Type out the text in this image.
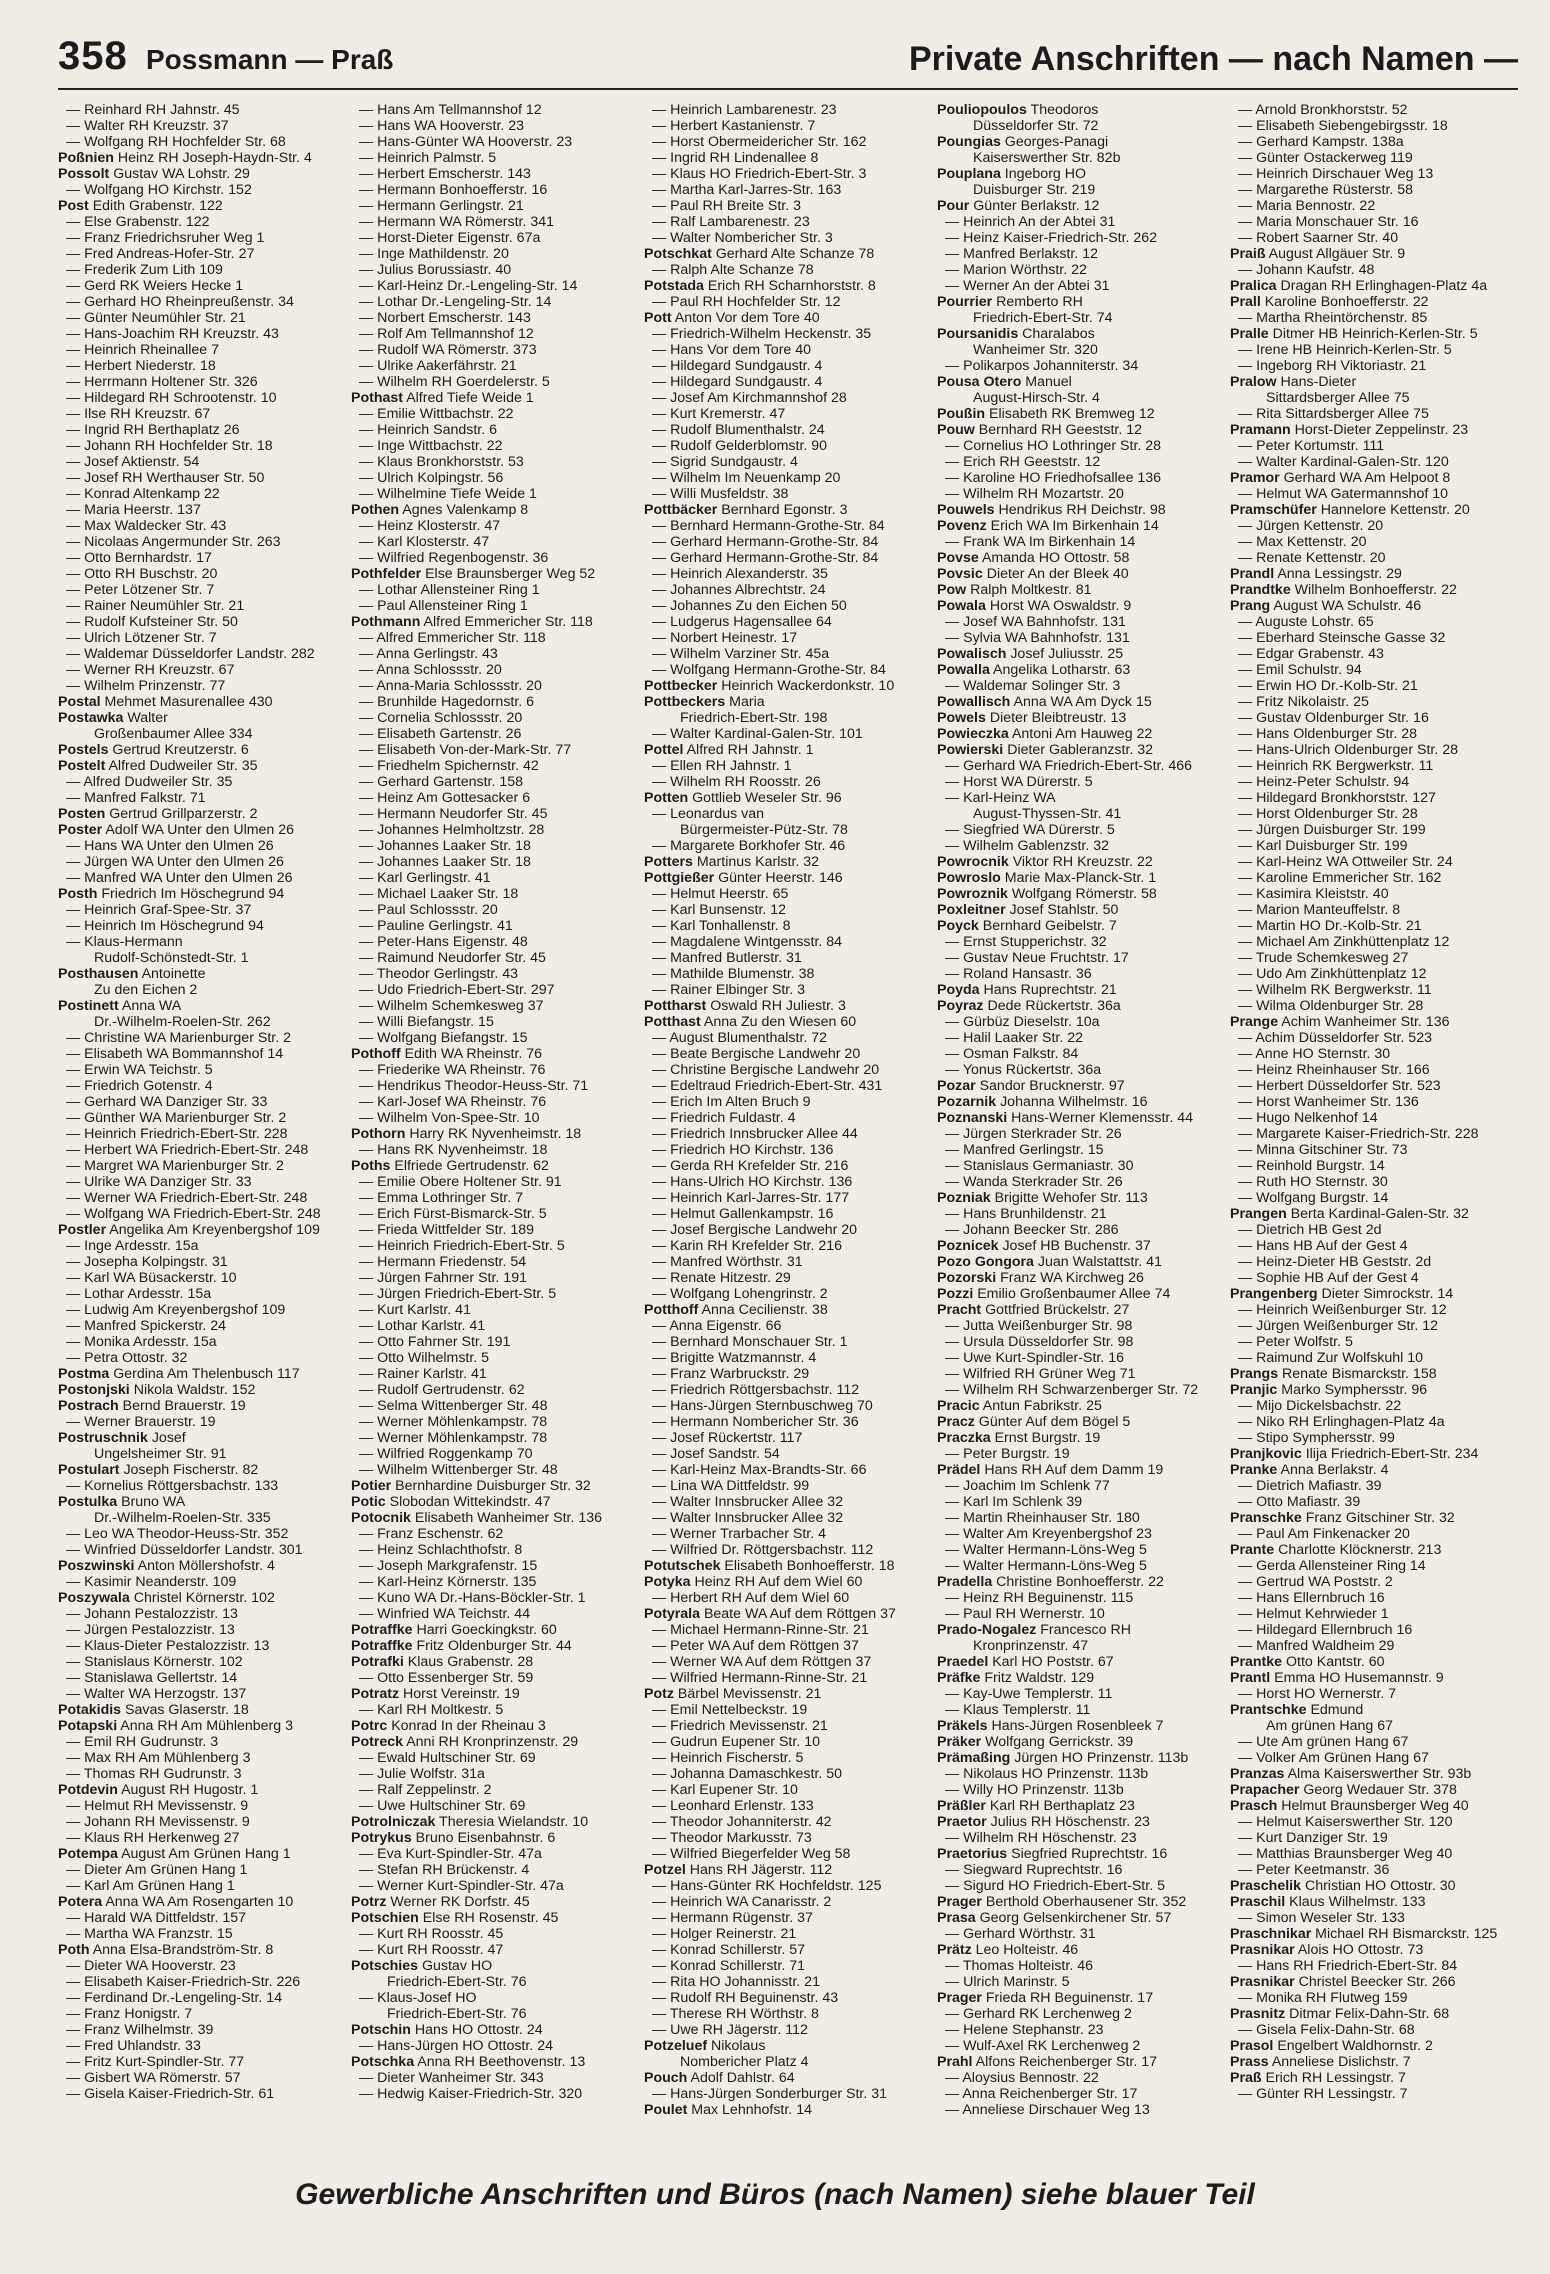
358 Possmann — Praß	Private Anschriften — nach Namen —
— Reinhard RH Jahnstr. 45
— Walter RH Kreuzstr. 37
— Wolfgang RH Hochfelder Str. 68
Poßnien Heinz RH Joseph-Haydn-Str. 4
Possolt Gustav WA Lohstr. 29
— Wolfgang HO Kirchstr. 152
Post Edith Grabenstr. 122
— Else Grabenstr. 122
— Franz Friedrichsruher Weg 1
— Fred Andreas-Hofer-Str. 27
— Frederik Zum Lith 109
— Gerd RK Weiers Hecke 1
— Gerhard HO Rheinpreußenstr. 34
— Günter Neumühler Str. 21
— Hans-Joachim RH Kreuzstr. 43
— Heinrich Rheinallee 7
— Herbert Niederstr. 18
— Herrmann Holtener Str. 326
— Hildegard RH Schrootenstr. 10
— Ilse RH Kreuzstr. 67
— Ingrid RH Berthaplatz 26
— Johann RH Hochfelder Str. 18
— Josef Aktienstr. 54
— Josef RH Werthauser Str. 50
— Konrad Altenkamp 22
— Maria Heerstr. 137
— Max Waldecker Str. 43
— Nicolaas Angermunder Str. 263
— Otto Bernhardstr. 17
— Otto RH Buschstr. 20
— Peter Lötzener Str. 7
— Rainer Neumühler Str. 21
— Rudolf Kufsteiner Str. 50
— Ulrich Lötzener Str. 7
— Waldemar Düsseldorfer Landstr. 282
— Werner RH Kreuzstr. 67
— Wilhelm Prinzenstr. 77
Postal Mehmet Masurenallee 430
Postawka Walter
Großenbaumer Allee 334
Postels Gertrud Kreutzerstr. 6
Postelt Alfred Dudweiler Str. 35
— Alfred Dudweiler Str. 35
— Manfred Falkstr. 71
Posten Gertrud Grillparzerstr. 2
Poster Adolf WA Unter den Ulmen 26
— Hans WA Unter den Ulmen 26
— Jürgen WA Unter den Ulmen 26
— Manfred WA Unter den Ulmen 26
Posth Friedrich Im Höschegrund 94
— Heinrich Graf-Spee-Str. 37
— Heinrich Im Höschegrund 94
— Klaus-Hermann
Rudolf-Schönstedt-Str. 1
Posthausen Antoinette
Zu den Eichen 2
Postinett Anna WA
Dr.-Wilhelm-Roelen-Str. 262
— Christine WA Marienburger Str. 2
— Elisabeth WA Bommannshof 14
— Erwin WA Teichstr. 5
— Friedrich Gotenstr. 4
— Gerhard WA Danziger Str. 33
— Günther WA Marienburger Str. 2
— Heinrich Friedrich-Ebert-Str. 228
— Herbert WA Friedrich-Ebert-Str. 248
— Margret WA Marienburger Str. 2
— Ulrike WA Danziger Str. 33
— Werner WA Friedrich-Ebert-Str. 248
— Wolfgang WA Friedrich-Ebert-Str. 248
Postler Angelika Am Kreyenbergshof 109
— Inge Ardesstr. 15a
— Josepha Kolpingstr. 31
— Karl WA Büsackerstr. 10
— Lothar Ardesstr. 15a
— Ludwig Am Kreyenbergshof 109
— Manfred Spickerstr. 24
— Monika Ardesstr. 15a
— Petra Ottostr. 32
Postma Gerdina Am Thelenbusch 117
Postonjski Nikola Waldstr. 152
Postrach Bernd Brauerstr. 19
— Werner Brauerstr. 19
Postruschnik Josef
Ungelsheimer Str. 91
Postulart Joseph Fischerstr. 82
— Kornelius Röttgersbachstr. 133
Postulka Bruno WA
Dr.-Wilhelm-Roelen-Str. 335
— Leo WA Theodor-Heuss-Str. 352
— Winfried Düsseldorfer Landstr. 301
Poszwinski Anton Möllershofstr. 4
— Kasimir Neanderstr. 109
Poszywala Christel Körnerstr. 102
— Johann Pestalozzistr. 13
— Jürgen Pestalozzistr. 13
— Klaus-Dieter Pestalozzistr. 13
— Stanislaus Körnerstr. 102
— Stanislawa Gellertstr. 14
— Walter WA Herzogstr. 137
Potakidis Savas Glaserstr. 18
Potapski Anna RH Am Mühlenberg 3
— Emil RH Gudrunstr. 3
— Max RH Am Mühlenberg 3
— Thomas RH Gudrunstr. 3
Potdevin August RH Hugostr. 1
— Helmut RH Mevissenstr. 9
— Johann RH Mevissenstr. 9
— Klaus RH Herkenweg 27
Potempa August Am Grünen Hang 1
— Dieter Am Grünen Hang 1
— Karl Am Grünen Hang 1
Potera Anna WA Am Rosengarten 10
— Harald WA Dittfeldstr. 157
— Martha WA Franzstr. 15
Poth Anna Elsa-Brandström-Str. 8
— Dieter WA Hooverstr. 23
— Elisabeth Kaiser-Friedrich-Str. 226
— Ferdinand Dr.-Lengeling-Str. 14
— Franz Honigstr. 7
— Franz Wilhelmstr. 39
— Fred Uhlandstr. 33
— Fritz Kurt-Spindler-Str. 77
— Gisbert WA Römerstr. 57
— Gisela Kaiser-Friedrich-Str. 61
— Hans Am Tellmannshof 12
— Hans WA Hooverstr. 23
— Hans-Günter WA Hooverstr. 23
— Heinrich Palmstr. 5
— Herbert Emscherstr. 143
— Hermann Bonhoefferstr. 16
— Hermann Gerlingstr. 21
— Hermann WA Römerstr. 341
— Horst-Dieter Eigenstr. 67a
— Inge Mathildenstr. 20
— Julius Borussiastr. 40
— Karl-Heinz Dr.-Lengeling-Str. 14
— Lothar Dr.-Lengeling-Str. 14
— Norbert Emscherstr. 143
— Rolf Am Tellmannshof 12
— Rudolf WA Römerstr. 373
— Ulrike Aakerfährstr. 21
— Wilhelm RH Goerdelerstr. 5
Pothast Alfred Tiefe Weide 1
— Emilie Wittbachstr. 22
— Heinrich Sandstr. 6
— Inge Wittbachstr. 22
— Klaus Bronkhorststr. 53
— Ulrich Kolpingstr. 56
— Wilhelmine Tiefe Weide 1
Pothen Agnes Valenkamp 8
— Heinz Klosterstr. 47
— Karl Klosterstr. 47
— Wilfried Regenbogenstr. 36
Pothfelder Else Braunsberger Weg 52
— Lothar Allensteiner Ring 1
— Paul Allensteiner Ring 1
Pothmann Alfred Emmericher Str. 118
— Alfred Emmericher Str. 118
— Anna Gerlingstr. 43
— Anna Schlossstr. 20
— Anna-Maria Schlossstr. 20
— Brunhilde Hagedornstr. 6
— Cornelia Schlossstr. 20
— Elisabeth Gartenstr. 26
— Elisabeth Von-der-Mark-Str. 77
— Friedhelm Spichernstr. 42
— Gerhard Gartenstr. 158
— Heinz Am Gottesacker 6
— Hermann Neudorfer Str. 45
— Johannes Helmholtzstr. 28
— Johannes Laaker Str. 18
— Johannes Laaker Str. 18
— Karl Gerlingstr. 41
— Michael Laaker Str. 18
— Paul Schlossstr. 20
— Pauline Gerlingstr. 41
— Peter-Hans Eigenstr. 48
— Raimund Neudorfer Str. 45
— Theodor Gerlingstr. 43
— Udo Friedrich-Ebert-Str. 297
— Wilhelm Schemkesweg 37
— Willi Biefangstr. 15
— Wolfgang Biefangstr. 15
Pothoff Edith WA Rheinstr. 76
— Friederike WA Rheinstr. 76
— Hendrikus Theodor-Heuss-Str. 71
— Karl-Josef WA Rheinstr. 76
— Wilhelm Von-Spee-Str. 10
Pothorn Harry RK Nyvenheimstr. 18
— Hans RK Nyvenheimstr. 18
Poths Elfriede Gertrudenstr. 62
— Emilie Obere Holtener Str. 91
— Emma Lothringer Str. 7
— Erich Fürst-Bismarck-Str. 5
— Frieda Wittfelder Str. 189
— Heinrich Friedrich-Ebert-Str. 5
— Hermann Friedenstr. 54
— Jürgen Fahrner Str. 191
— Jürgen Friedrich-Ebert-Str. 5
— Kurt Karlstr. 41
— Lothar Karlstr. 41
— Otto Fahrner Str. 191
— Otto Wilhelmstr. 5
— Rainer Karlstr. 41
— Rudolf Gertrudenstr. 62
— Selma Wittenberger Str. 48
— Werner Möhlenkampstr. 78
— Werner Möhlenkampstr. 78
— Wilfried Roggenkamp 70
— Wilhelm Wittenberger Str. 48
Potier Bernhardine Duisburger Str. 32
Potic Slobodan Wittekindstr. 47
Potocnik Elisabeth Wanheimer Str. 136
— Franz Eschenstr. 62
— Heinz Schlachthofstr. 8
— Joseph Markgrafenstr. 15
— Karl-Heinz Körnerstr. 135
— Kuno WA Dr.-Hans-Böckler-Str. 1
— Winfried WA Teichstr. 44
Potraffke Harri Goeckingkstr. 60
Potraffke Fritz Oldenburger Str. 44
Potrafki Klaus Grabenstr. 28
— Otto Essenberger Str. 59
Potratz Horst Vereinstr. 19
— Karl RH Moltkestr. 5
Potrc Konrad In der Rheinau 3
Potreck Anni RH Kronprinzenstr. 29
— Ewald Hultschiner Str. 69
— Julie Wolfstr. 31a
— Ralf Zeppelinstr. 2
— Uwe Hultschiner Str. 69
Potrolniczak Theresia Wielandstr. 10
Potrykus Bruno Eisenbahnstr. 6
— Eva Kurt-Spindler-Str. 47a
— Stefan RH Brückenstr. 4
— Werner Kurt-Spindler-Str. 47a
Potrz Werner RK Dorfstr. 45
Potschien Else RH Rosenstr. 45
— Kurt RH Roosstr. 45
— Kurt RH Roosstr. 47
Potschies Gustav HO
Friedrich-Ebert-Str. 76
— Klaus-Josef HO
Friedrich-Ebert-Str. 76
Potschin Hans HO Ottostr. 24
— Hans-Jürgen HO Ottostr. 24
Potschka Anna RH Beethovenstr. 13
— Dieter Wanheimer Str. 343
— Hedwig Kaiser-Friedrich-Str. 320
— Heinrich Lambarenestr. 23
— Herbert Kastanienstr. 7
— Horst Obermeidericher Str. 162
— Ingrid RH Lindenallee 8
— Klaus HO Friedrich-Ebert-Str. 3
— Martha Karl-Jarres-Str. 163
— Paul RH Breite Str. 3
— Ralf Lambarenestr. 23
— Walter Nombericher Str. 3
Potschkat Gerhard Alte Schanze 78
— Ralph Alte Schanze 78
Potstada Erich RH Scharnhorststr. 8
— Paul RH Hochfelder Str. 12
Pott Anton Vor dem Tore 40
— Friedrich-Wilhelm Heckenstr. 35
— Hans Vor dem Tore 40
— Hildegard Sundgaustr. 4
— Hildegard Sundgaustr. 4
— Josef Am Kirchmannshof 28
— Kurt Kremerstr. 47
— Rudolf Blumenthalstr. 24
— Rudolf Gelderblomstr. 90
— Sigrid Sundgaustr. 4
— Wilhelm Im Neuenkamp 20
— Willi Musfeldstr. 38
Pottbäcker Bernhard Egonstr. 3
— Bernhard Hermann-Grothe-Str. 84
— Gerhard Hermann-Grothe-Str. 84
— Gerhard Hermann-Grothe-Str. 84
— Heinrich Alexanderstr. 35
— Johannes Albrechtstr. 24
— Johannes Zu den Eichen 50
— Ludgerus Hagensallee 64
— Norbert Heinestr. 17
— Wilhelm Varziner Str. 45a
— Wolfgang Hermann-Grothe-Str. 84
Pottbecker Heinrich Wackerdonkstr. 10
Pottbeckers Maria
Friedrich-Ebert-Str. 198
— Walter Kardinal-Galen-Str. 101
Pottel Alfred RH Jahnstr. 1
— Ellen RH Jahnstr. 1
— Wilhelm RH Roosstr. 26
Potten Gottlieb Weseler Str. 96
— Leonardus van
Bürgermeister-Pütz-Str. 78
— Margarete Borkhofer Str. 46
Potters Martinus Karlstr. 32
Pottgießer Günter Heerstr. 146
— Helmut Heerstr. 65
— Karl Bunsenstr. 12
— Karl Tonhallenstr. 8
— Magdalene Wintgensstr. 84
— Manfred Butlerstr. 31
— Mathilde Blumenstr. 38
— Rainer Elbinger Str. 3
Pottharst Oswald RH Juliestr. 3
Potthast Anna Zu den Wiesen 60
— August Blumenthalstr. 72
— Beate Bergische Landwehr 20
— Christine Bergische Landwehr 20
— Edeltraud Friedrich-Ebert-Str. 431
— Erich Im Alten Bruch 9
— Friedrich Fuldastr. 4
— Friedrich Innsbrucker Allee 44
— Friedrich HO Kirchstr. 136
— Gerda RH Krefelder Str. 216
— Hans-Ulrich HO Kirchstr. 136
— Heinrich Karl-Jarres-Str. 177
— Helmut Gallenkampstr. 16
— Josef Bergische Landwehr 20
— Karin RH Krefelder Str. 216
— Manfred Wörthstr. 31
— Renate Hitzestr. 29
— Wolfgang Lohengrinstr. 2
Potthoff Anna Cecilienstr. 38
— Anna Eigenstr. 66
— Bernhard Monschauer Str. 1
— Brigitte Watzmannstr. 4
— Franz Warbruckstr. 29
— Friedrich Röttgersbachstr. 112
— Hans-Jürgen Sternbuschweg 70
— Hermann Nombericher Str. 36
— Josef Rückertstr. 117
— Josef Sandstr. 54
— Karl-Heinz Max-Brandts-Str. 66
— Lina WA Dittfeldstr. 99
— Walter Innsbrucker Allee 32
— Walter Innsbrucker Allee 32
— Werner Trarbacher Str. 4
— Wilfried Dr. Röttgersbachstr. 112
Potutschek Elisabeth Bonhoefferstr. 18
Potyka Heinz RH Auf dem Wiel 60
— Herbert RH Auf dem Wiel 60
Potyrala Beate WA Auf dem Röttgen 37
— Michael Hermann-Rinne-Str. 21
— Peter WA Auf dem Röttgen 37
— Werner WA Auf dem Röttgen 37
— Wilfried Hermann-Rinne-Str. 21
Potz Bärbel Mevissenstr. 21
— Emil Nettelbeckstr. 19
— Friedrich Mevissenstr. 21
— Gudrun Eupener Str. 10
— Heinrich Fischerstr. 5
— Johanna Damaschkestr. 50
— Karl Eupener Str. 10
— Leonhard Erlenstr. 133
— Theodor Johanniterstr. 42
— Theodor Markusstr. 73
— Wilfried Biegerfelder Weg 58
Potzel Hans RH Jägerstr. 112
— Hans-Günter RK Hochfeldstr. 125
— Heinrich WA Canarisstr. 2
— Hermann Rügenstr. 37
— Holger Reinerstr. 21
— Konrad Schillerstr. 57
— Konrad Schillerstr. 71
— Rita HO Johannisstr. 21
— Rudolf RH Beguinenstr. 43
— Therese RH Wörthstr. 8
— Uwe RH Jägerstr. 112
Potzeluef Nikolaus
Nombericher Platz 4
Pouch Adolf Dahlstr. 64
— Hans-Jürgen Sonderburger Str. 31
Poulet Max Lehnhofstr. 14
Pouliopoulos Theodoros
Düsseldorfer Str. 72
Poungias Georges-Panagi
Kaiserswerther Str. 82b
Pouplana Ingeborg HO
Duisburger Str. 219
Pour Günter Berlakstr. 12
— Heinrich An der Abtei 31
— Heinz Kaiser-Friedrich-Str. 262
— Manfred Berlakstr. 12
— Marion Wörthstr. 22
— Werner An der Abtei 31
Pourrier Remberto RH
Friedrich-Ebert-Str. 74
Poursanidis Charalabos
Wanheimer Str. 320
— Polikarpos Johanniterstr. 34
Pousa Otero Manuel
August-Hirsch-Str. 4
Poußin Elisabeth RK Bremweg 12
Pouw Bernhard RH Geeststr. 12
— Cornelius HO Lothringer Str. 28
— Erich RH Geeststr. 12
— Karoline HO Friedhofsallee 136
— Wilhelm RH Mozartstr. 20
Pouwels Hendrikus RH Deichstr. 98
Povenz Erich WA Im Birkenhain 14
— Frank WA Im Birkenhain 14
Povse Amanda HO Ottostr. 58
Povsic Dieter An der Bleek 40
Pow Ralph Moltkestr. 81
Powala Horst WA Oswaldstr. 9
— Josef WA Bahnhofstr. 131
— Sylvia WA Bahnhofstr. 131
Powalisch Josef Juliusstr. 25
Powalla Angelika Lotharstr. 63
— Waldemar Solinger Str. 3
Powallisch Anna WA Am Dyck 15
Powels Dieter Bleibtreustr. 13
Powieczka Antoni Am Hauweg 22
Powierski Dieter Gableranzstr. 32
— Gerhard WA Friedrich-Ebert-Str. 466
— Horst WA Dürerstr. 5
— Karl-Heinz WA
August-Thyssen-Str. 41
— Siegfried WA Dürerstr. 5
— Wilhelm Gablenzstr. 32
Powrocnik Viktor RH Kreuzstr. 22
Powroslo Marie Max-Planck-Str. 1
Powroznik Wolfgang Römerstr. 58
Poxleitner Josef Stahlstr. 50
Poyck Bernhard Geibelstr. 7
— Ernst Stupperichstr. 32
— Gustav Neue Fruchtstr. 17
— Roland Hansastr. 36
Poyda Hans Ruprechtstr. 21
Poyraz Dede Rückertstr. 36a
— Gürbüz Dieselstr. 10a
— Halil Laaker Str. 22
— Osman Falkstr. 84
— Yonus Rückertstr. 36a
Pozar Sandor Brucknerstr. 97
Pozarnik Johanna Wilhelmstr. 16
Poznanski Hans-Werner Klemensstr. 44
— Jürgen Sterkrader Str. 26
— Manfred Gerlingstr. 15
— Stanislaus Germaniastr. 30
— Wanda Sterkrader Str. 26
Pozniak Brigitte Wehofer Str. 113
— Hans Brunhildenstr. 21
— Johann Beecker Str. 286
Poznicek Josef HB Buchenstr. 37
Pozo Gongora Juan Walstattstr. 41
Pozorski Franz WA Kirchweg 26
Pozzi Emilio Großenbaumer Allee 74
Pracht Gottfried Brückelstr. 27
— Jutta Weißenburger Str. 98
— Ursula Düsseldorfer Str. 98
— Uwe Kurt-Spindler-Str. 16
— Wilfried RH Grüner Weg 71
— Wilhelm RH Schwarzenberger Str. 72
Pracic Antun Fabrikstr. 25
Pracz Günter Auf dem Bögel 5
Praczka Ernst Burgstr. 19
— Peter Burgstr. 19
Prädel Hans RH Auf dem Damm 19
— Joachim Im Schlenk 77
— Karl Im Schlenk 39
— Martin Rheinhauser Str. 180
— Walter Am Kreyenbergshof 23
— Walter Hermann-Löns-Weg 5
— Walter Hermann-Löns-Weg 5
Pradella Christine Bonhoefferstr. 22
— Heinz RH Beguinenstr. 115
— Paul RH Wernerstr. 10
Prado-Nogalez Francesco RH
Kronprinzenstr. 47
Praedel Karl HO Poststr. 67
Präfke Fritz Waldstr. 129
— Kay-Uwe Templerstr. 11
— Klaus Templerstr. 11
Präkels Hans-Jürgen Rosenbleek 7
Präker Wolfgang Gerrickstr. 39
Prämaßing Jürgen HO Prinzenstr. 113b
— Nikolaus HO Prinzenstr. 113b
— Willy HO Prinzenstr. 113b
Präßler Karl RH Berthaplatz 23
Praetor Julius RH Höschenstr. 23
— Wilhelm RH Höschenstr. 23
Praetorius Siegfried Ruprechtstr. 16
— Siegward Ruprechtstr. 16
— Sigurd HO Friedrich-Ebert-Str. 5
Prager Berthold Oberhausener Str. 352
Prasa Georg Gelsenkirchener Str. 57
— Gerhard Wörthstr. 31
Prätz Leo Holteistr. 46
— Thomas Holteistr. 46
— Ulrich Marinstr. 5
Prager Frieda RH Beguinenstr. 17
— Gerhard RK Lerchenweg 2
— Helene Stephanstr. 23
— Wulf-Axel RK Lerchenweg 2
Prahl Alfons Reichenberger Str. 17
— Aloysius Bennostr. 22
— Anna Reichenberger Str. 17
— Anneliese Dirschauer Weg 13
— Arnold Bronkhorststr. 52
— Elisabeth Siebengebirgsstr. 18
— Gerhard Kampstr. 138a
— Günter Ostackerweg 119
— Heinrich Dirschauer Weg 13
— Margarethe Rüsterstr. 58
— Maria Bennostr. 22
— Maria Monschauer Str. 16
— Robert Saarner Str. 40
Praiß August Allgäuer Str. 9
— Johann Kaufstr. 48
Pralica Dragan RH Erlinghagen-Platz 4a
Prall Karoline Bonhoefferstr. 22
— Martha Rheintörchenstr. 85
Pralle Ditmer HB Heinrich-Kerlen-Str. 5
— Irene HB Heinrich-Kerlen-Str. 5
— Ingeborg RH Viktoriastr. 21
Pralow Hans-Dieter
Sittardsberger Allee 75
— Rita Sittardsberger Allee 75
Pramann Horst-Dieter Zeppelinstr. 23
— Peter Kortumstr. 111
— Walter Kardinal-Galen-Str. 120
Pramor Gerhard WA Am Helpoot 8
— Helmut WA Gatermannshof 10
Pramschüfer Hannelore Kettenstr. 20
— Jürgen Kettenstr. 20
— Max Kettenstr. 20
— Renate Kettenstr. 20
Prandl Anna Lessingstr. 29
Prandtke Wilhelm Bonhoefferstr. 22
Prang August WA Schulstr. 46
— Auguste Lohstr. 65
— Eberhard Steinsche Gasse 32
— Edgar Grabenstr. 43
— Emil Schulstr. 94
— Erwin HO Dr.-Kolb-Str. 21
— Fritz Nikolaistr. 25
— Gustav Oldenburger Str. 16
— Hans Oldenburger Str. 28
— Hans-Ulrich Oldenburger Str. 28
— Heinrich RK Bergwerkstr. 11
— Heinz-Peter Schulstr. 94
— Hildegard Bronkhorststr. 127
— Horst Oldenburger Str. 28
— Jürgen Duisburger Str. 199
— Karl Duisburger Str. 199
— Karl-Heinz WA Ottweiler Str. 24
— Karoline Emmericher Str. 162
— Kasimira Kleiststr. 40
— Marion Manteuffelstr. 8
— Martin HO Dr.-Kolb-Str. 21
— Michael Am Zinkhüttenplatz 12
— Trude Schemkesweg 27
— Udo Am Zinkhüttenplatz 12
— Wilhelm RK Bergwerkstr. 11
— Wilma Oldenburger Str. 28
Prange Achim Wanheimer Str. 136
— Achim Düsseldorfer Str. 523
— Anne HO Sternstr. 30
— Heinz Rheinhauser Str. 166
— Herbert Düsseldorfer Str. 523
— Horst Wanheimer Str. 136
— Hugo Nelkenhof 14
— Margarete Kaiser-Friedrich-Str. 228
— Minna Gitschiner Str. 73
— Reinhold Burgstr. 14
— Ruth HO Sternstr. 30
— Wolfgang Burgstr. 14
Prangen Berta Kardinal-Galen-Str. 32
— Dietrich HB Gest 2d
— Hans HB Auf der Gest 4
— Heinz-Dieter HB Geststr. 2d
— Sophie HB Auf der Gest 4
Prangenberg Dieter Simrockstr. 14
— Heinrich Weißenburger Str. 12
— Jürgen Weißenburger Str. 12
— Peter Wolfstr. 5
— Raimund Zur Wolfskuhl 10
Prangs Renate Bismarckstr. 158
Pranjic Marko Symphersstr. 96
— Mijo Dickelsbachstr. 22
— Niko RH Erlinghagen-Platz 4a
— Stipo Symphersstr. 99
Pranjkovic Ilija Friedrich-Ebert-Str. 234
Pranke Anna Berlakstr. 4
— Dietrich Mafiastr. 39
— Otto Mafiastr. 39
Pranschke Franz Gitschiner Str. 32
— Paul Am Finkenacker 20
Prante Charlotte Klöcknerstr. 213
— Gerda Allensteiner Ring 14
— Gertrud WA Poststr. 2
— Hans Ellernbruch 16
— Helmut Kehrwieder 1
— Hildegard Ellernbruch 16
— Manfred Waldheim 29
Prantke Otto Kantstr. 60
Prantl Emma HO Husemannstr. 9
— Horst HO Wernerstr. 7
Prantschke Edmund
Am grünen Hang 67
— Ute Am grünen Hang 67
— Volker Am Grünen Hang 67
Pranzas Alma Kaiserswerther Str. 93b
Prapacher Georg Wedauer Str. 378
Prasch Helmut Braunsberger Weg 40
— Helmut Kaiserswerther Str. 120
— Kurt Danziger Str. 19
— Matthias Braunsberger Weg 40
— Peter Keetmanstr. 36
Praschelik Christian HO Ottostr. 30
Praschil Klaus Wilhelmstr. 133
— Simon Weseler Str. 133
Praschnikar Michael RH Bismarckstr. 125
Prasnikar Alois HO Ottostr. 73
— Hans RH Friedrich-Ebert-Str. 84
Prasnikar Christel Beecker Str. 266
— Monika RH Flutweg 159
Prasnitz Ditmar Felix-Dahn-Str. 68
— Gisela Felix-Dahn-Str. 68
Prasol Engelbert Waldhornstr. 2
Prass Anneliese Dislichstr. 7
Praß Erich RH Lessingstr. 7
— Günter RH Lessingstr. 7
Gewerbliche Anschriften und Büros (nach Namen) siehe blauer Teil
